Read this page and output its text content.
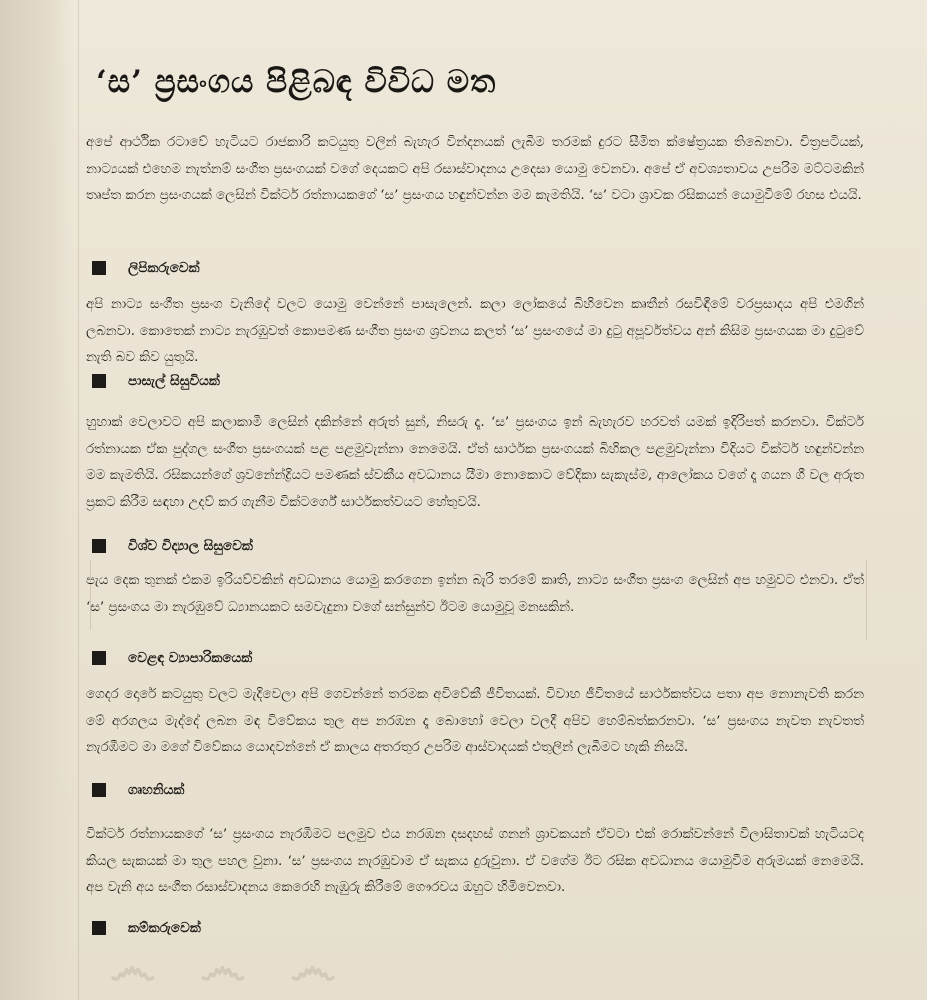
෴ ෴ ෴
‘ස’ ප්‍රසංගය පිළිබඳ විවිධ මත

අපේ ආර්ථික රටාවේ හැටියට රාජකාරි කටයුතු වලින් බැහැර වින්දනයක් ලැබීම තරමක් දුරට සීමිත ක්ෂේත්‍රයක තිබෙනවා. චිත්‍රපටියක්, නාට්‍යයක් එහෙම නැත්නම් සංගීත ප්‍රසංගයක් වගේ දෙයකට අපි රසාස්වාදනය උදෙසා යොමු වෙනවා. අපේ ඒ අවශ්‍යතාවය උපරිම මට්ටමකින් තෘප්ත කරන ප්‍රසංගයක් ලෙසින් වික්ටර් රත්නායකගේ ‘ස’ ප්‍රසංගය හඳුන්වන්න මම කැමතියි. ‘ස’ වටා ශ්‍රාවක රසිකයන් යොමුවීමේ රහස එයයි.

ලිපිකරුවෙක්

අපි නාට්‍ය සංගීත ප්‍රසංග වැනිදේ වලට යොමු වෙන්නේ පාසැලෙන්. කලා ලෝකයේ බිහිවෙන කෘතීන් රසවිඳීමේ වරප්‍රසාදය අපි එමගින් ලබනවා. කොතෙක් නාට්‍ය නැරඹුවත් කොපමණ සංගීත ප්‍රසංග ශ්‍රවනය කලත් ‘ස’ ප්‍රසංගයේ මා දුටු අපූර්වත්වය අන් කිසිම ප්‍රසංගයක මා දුටුවේ නැති බව කිව යුතුයි.

පාසැල් සිසුවියක්

හුහාක් වෙලාවට අපි කලාකාමී ලෙසින් දකින්නේ අරුත් සුන්, නිසරු දෑ. ‘ස’ ප්‍රසංගය ඉන් බැහැරව හරවත් යමක් ඉදිරිපත් කරනවා. වික්ටර් රත්නායක ඒක පුද්ගල සංගීත ප්‍රසංගයක් පළ පළමුවැන්නා නෙමෙයි. ඒත් සාර්ථක ප්‍රසංගයක් බිහිකල පළමුවැන්නා විදියට වික්ටර් හඳුන්වන්න මම කැමතියි. රසිකයන්ගේ ශ්‍රවනේන්ද්‍රියට පමණක් ස්වකීය අවධානය යීමා නොකොට වේදිකා සැකැස්ම, ආලෝකය වගේ දෑ ගයන ගී වල අරුත ප්‍රකට කිරීම සඳහා උදව් කර ගැනීම වික්ටර්ගේ සාර්ථකත්වයට හේතුවයි.

විශ්ව විද්‍යාල සිසුවෙක්

පැය දෙක තුනක් එකම ඉරියව්වකින් අවධානය යොමු කරගෙන ඉන්න බැරි තරමේ කෘති, නාට්‍ය සංගීත ප්‍රසංග ලෙසින් අප හමුවට එනවා. ඒත් ‘ස’ ප්‍රසංගය මා නැරඹුවේ ධ්‍යානයකට සමවැදුනා වගේ සන්සුන්ව ඊටම යොමුවූ මනසකින්.

වෙළඳ ව්‍යාපාරිකයෙක්

ගෙදර දොරේ කටයුතු වලට මැදිවෙලා අපි ගෙවන්නේ තරමක අවිවේකී ජීවිතයක්. විවාහ ජීවිතයේ සාර්ථකත්වය පතා අප නොනැවති කරන මේ අරගලය මැද්දේ ලබන මඳ විවේකය තුල අප නරඹන දෑ බොහෝ වෙලා වලදී අපිව හෙම්බත්කරනවා. ‘ස’ ප්‍රසංගය නැවත නැවතත් නැරඹීමට මා මගේ විවේකය යොදවන්නේ ඒ කාලය අතරතුර උපරිම ආස්වාදයක් එතුලින් ලැබීමට හැකි නිසයි.

ගෘහනියක්

වික්ටර් රත්නායකගේ ‘ස’ ප්‍රසංගය නැරඹීමට පලමුව එය නරඹන දසදහස් ගනන් ශ්‍රාවකයන් ඒවටා එක් රොක්වන්නේ විලාසිතාවක් හැටියටද කියල සැකයක් මා තුල පහල වුනා. ‘ස’ ප්‍රසංගය නැරඹුවාම ඒ සැකය දුරුවුනා. ඒ වගේම ඊට රසික අවධානය යොමුවීම අරුමයක් නෙමෙයි. අප වැනි අය සංගීත රසාස්වාදනය කෙරෙහි නැඹුරු කිරීමේ ගෞරවය ඔහුට හිමිවෙනවා.

කම්කරුවෙක්
